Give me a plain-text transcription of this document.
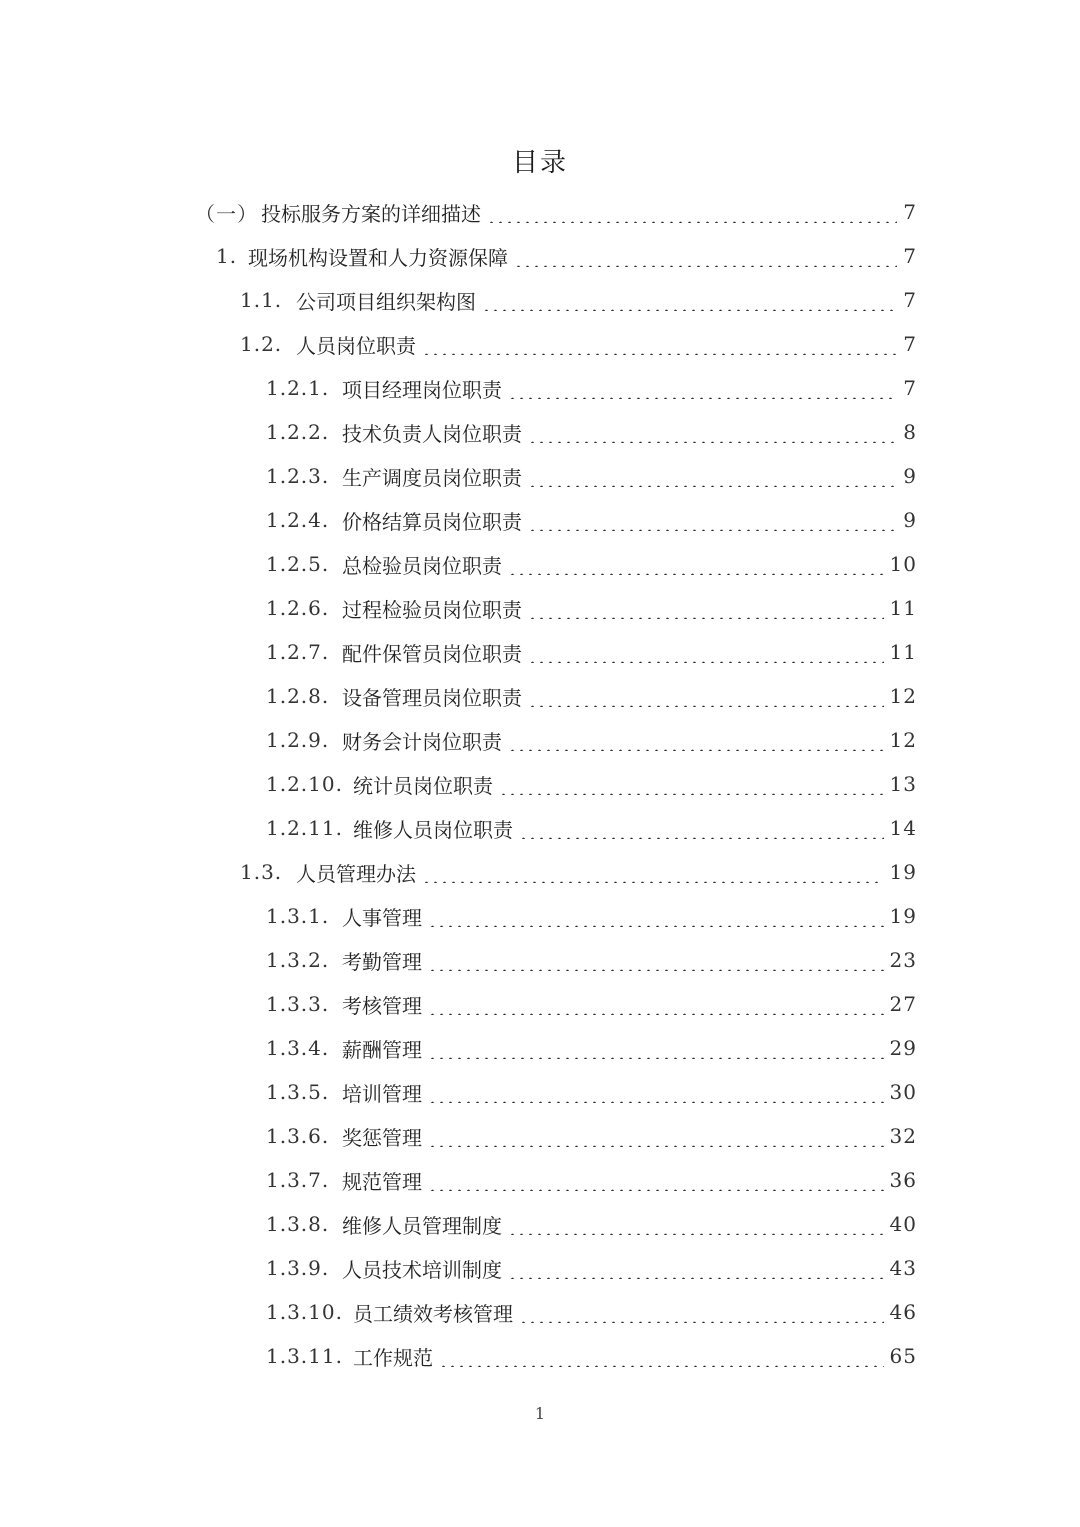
目录
（一） 投标服务方案的详细描述	7
1. 现场机构设置和人力资源保障	7
1.1. 公司项目组织架构图	7
1.2. 人员岗位职责	7
1.2.1. 项目经理岗位职责	7
1.2.2. 技术负责人岗位职责	8
1.2.3. 生产调度员岗位职责	9
1.2.4. 价格结算员岗位职责	9
1.2.5. 总检验员岗位职责	10
1.2.6. 过程检验员岗位职责	11
1.2.7. 配件保管员岗位职责	11
1.2.8. 设备管理员岗位职责	12
1.2.9. 财务会计岗位职责	12
1.2.10. 统计员岗位职责	13
1.2.11. 维修人员岗位职责	14
1.3. 人员管理办法	19
1.3.1. 人事管理	19
1.3.2. 考勤管理	23
1.3.3. 考核管理	27
1.3.4. 薪酬管理	29
1.3.5. 培训管理	30
1.3.6. 奖惩管理	32
1.3.7. 规范管理	36
1.3.8. 维修人员管理制度	40
1.3.9. 人员技术培训制度	43
1.3.10. 员工绩效考核管理	46
1.3.11. 工作规范	65
1
